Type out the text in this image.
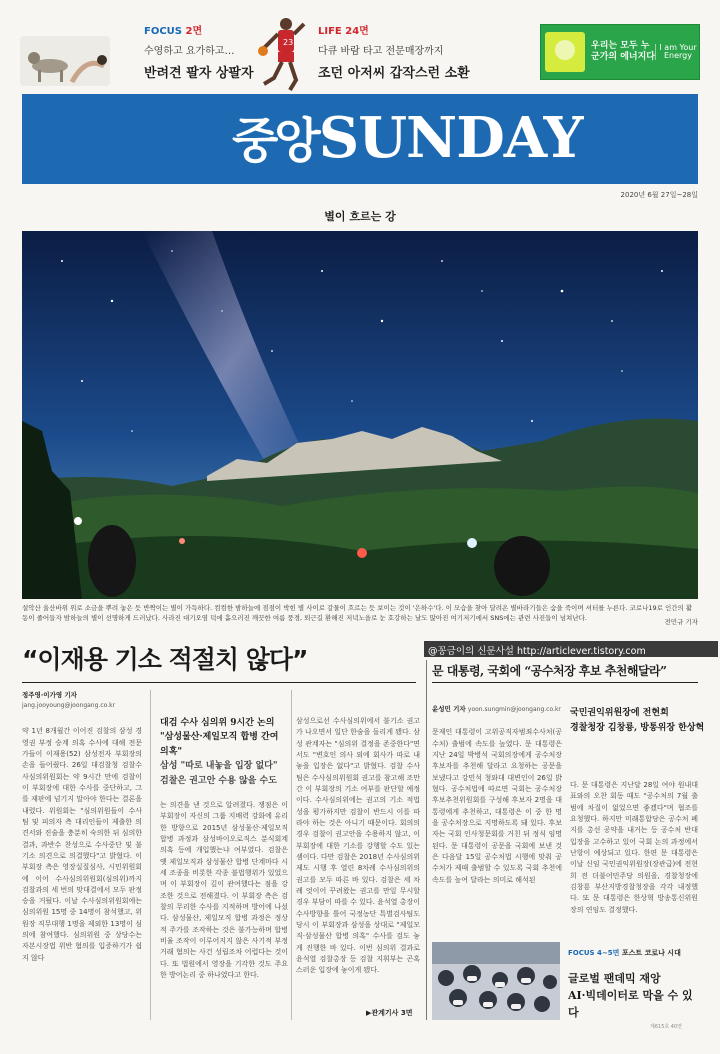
FOCUS 2면
수영하고 요가하고…
반려견 팔자 상팔자
23
LIFE 24면
다큐 바람 타고 전문매장까지
조던 아저씨 갑작스런 소환
우리는 모두 누군가의 에너지다
I am Your Energy
중앙SUNDAY
2020년 6월 27일~28일
별이 흐르는 강
설악산 울산바위 위로 소금을 뿌려 놓은 듯 반짝이는 별이 가득하다. 컴컴한 밤하늘에 점점이 박힌 별 사이로 갈물이 흐르는 듯 보이는 것이 '은하수'다. 이 모습을 찾아 달려온 별바라기들은 숨을 죽이며 셔터를 누른다. 코로나19로 인간의 활동이 줄어들자 밤하늘의 별이 선명하게 드러났다. 사라진 대기오염 덕에 흩으러진 깨끗한 여름 풍경, 퇴근길 환해진 저녁노을로 눈 호강하는 날도 많아진 여기저기에서 SNS에는 관련 사진들이 넘쳐난다.
전민규 기자
@꽁금이의 신문사설 http://articlever.tistory.com
“이재용 기소 적절치 않다”
정주영·이가영 기자
jang.jooyoung@joongang.co.kr
약 1년 8개월간 이어진 검찰의 삼성 경영권 부정 승계 의혹 수사에 대해 전문가들이 이재용(52) 삼성전자 부회장의 손을 들어줬다. 26일 대검찰청 검찰수사심의위원회는 약 9시간 만에 검찰이 이 부회장에 대한 수사를 중단하고, 그를 재판에 넘기지 말아야 한다는 결론을 내렸다. 위원회는 "심의위원들이 수사팀 및 피의자 측 대리인들이 제출한 의견서와 진술을 충분히 숙의한 뒤 심의한 결과, 과반수 찬성으로 수사중단 및 불기소 의견으로 의결했다"고 밝혔다. 이 부회장 측은 영장실질심사, 시민위원회에 이어 수사심의위원회(심의위)까지 검찰과의 세 번의 맞대결에서 모두 판정승을 거뒀다. 이날 수사심의위원회에는 심의위원 15명 중 14명이 참석했고, 위원장 직무대행 1명을 제외한 13명이 심의에 참여했다. 심의위원 중 상당수는 자본시장법 위반 혐의를 입증하기가 쉽지 않다
대검 수사 심의위 9시간 논의
"삼성물산·제일모직 합병 간여 의혹"
삼성 "따로 내놓을 입장 없다"
검찰은 권고안 수용 않을 수도
는 의견을 낸 것으로 알려졌다. 쟁점은 이 부회장이 자신의 그룹 지배력 강화에 유리한 방향으로 2015년 삼성물산·제일모직 합병 과정과 삼성바이오로직스 분식회계 의혹 등에 개입했는냐 여부였다. 검찰은 옛 제일모직과 삼성물산 합병 단계마다 시세 조종을 비롯한 각종 불법행위가 있었으며 이 부회장이 깊이 관여했다는 점을 강조한 것으로 전해졌다. 이 부회장 측은 검찰의 무리한 수사를 지적하며 방어에 나섰다. 삼성물산, 제일모직 합병 과정은 정상적 주가를 조작하는 것은 불가능하며 합병 비율 조작이 이루어지지 않은 사기적 부정거래 혐의는 사건 성립조차 어렵다는 것이다. 또 법원에서 영장을 기각한 것도 주요한 방어논리 중 하나였다고 한다.
삼성으로선 수사심의위에서 불기소 권고가 나오면서 일단 한숨을 돌리게 됐다. 삼성 관계자는 "심의위 결정을 존중한다"면서도 "변호인 의사 외에 회사가 따로 내놓을 입장은 없다"고 밝혔다. 검찰 수사팀은 수사심의위원회 권고를 참고해 조만간 이 부회장의 기소 여부를 판단할 예정이다. 수사심의위에는 권고의 기소 적법성을 평가하지만 검찰이 반드시 이를 따라야 하는 것은 아니기 때문이다. 회의의 경우 검찰이 권고안을 수용하지 않고, 이 부회장에 대한 기소를 강행할 수도 있는 셈이다. 다만 검찰은 2018년 수사심의위 제도 시행 후 열린 8차례 수사심의위의 권고를 모두 따른 바 있다. 검찰은 세 차례 엇이어 꾸려왔는 권고를 만일 무시할 경우 부담이 따를 수 있다. 윤석열 총장이 수사방향을 틀어 국정농단 특별검사팀도 당시 이 부회장과 삼성을 상대로 "제일모직·삼성물산 합병 의혹" 수사를 검도 놓게 진행한 바 있다. 이번 심의위 결과로 윤석열 검찰총장 등 검찰 지휘부는 곤혹스러운 입장에 놓이게 됐다.
▶관계기사 3면
문 대통령, 국회에 “공수처장 후보 추천해달라”
윤성민 기자 yoon.sungmin@joongang.co.kr
문재인 대통령이 고위공직자범죄수사처(공수처) 출범에 속도를 높였다. 문 대통령은 지난 24일 박병석 국회의장에게 공수처장 후보자를 추천해 달라고 요청하는 공문을 보냈다고 강민석 청와대 대변인이 26일 밝혔다. 공수처법에 따르면 국회는 공수처장 후보추천위원회를 구성해 후보자 2명을 대통령에게 추천하고, 대통령은 이 중 한 명을 공수처장으로 지명하도록 돼 있다. 후보자는 국회 인사청문회를 거친 뒤 정식 임명된다. 문 대통령이 공문을 국회에 보낸 것은 다음달 15일 공수처법 시행에 맞춰 공수처가 제때 출범할 수 있도록 국회 추천에 속도를 높여 달라는 의미로 해석된
국민권익위원장에 전현희
경찰청장 김창룡, 방통위장 한상혁
다. 문 대통령은 지난달 28일 여야 원내대표와의 오찬 회동 때도 "공수처의 7월 출범에 차질이 없었으면 좋겠다"며 협조를 요청했다. 하지만 미래통합당은 공수처 폐지를 총선 공약을 내거는 등 공수처 반대 입장을 고수하고 있어 국회 논의 과정에서 난항이 예상되고 있다. 한편 문 대통령은 이날 신임 국민권익위원장(장관급)에 전현희 전 더불어민주당 의원을, 경찰청장에 김창룡 부산지방경찰청장을 각각 내정했다. 또 문 대통령은 한상혁 방송통신위원장의 연임도 결정했다.
FOCUS 4~5면 포스트 코로나 시대
글로벌 팬데믹 재앙
AI·빅데이터로 막을 수 있다
제615호 40면
